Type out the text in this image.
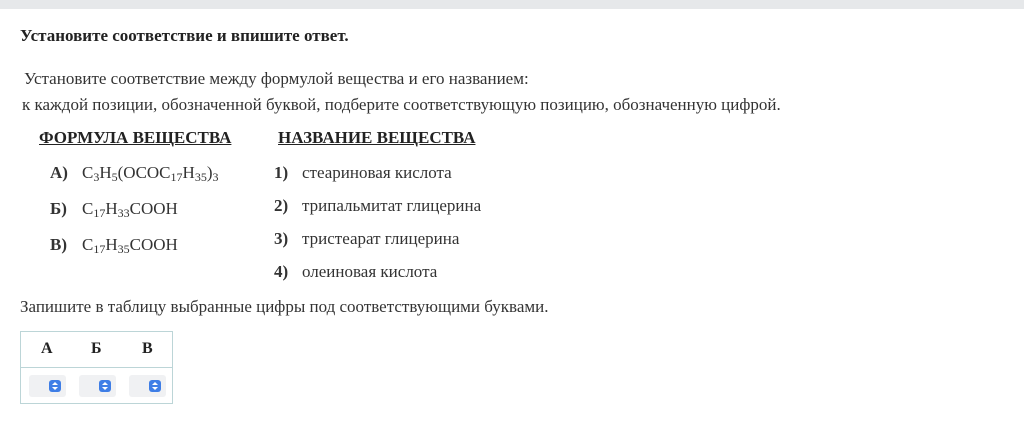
Установите соответствие и впишите ответ.
Установите соответствие между формулой вещества и его названием:
к каждой позиции, обозначенной буквой, подберите соответствующую позицию, обозначенную цифрой.
ФОРМУЛА ВЕЩЕСТВА	НАЗВАНИЕ ВЕЩЕСТВА
А) $C_3H_5(OCOC_{17}H_{35})_3$
Б) $C_{17}H_{33}COOH$
В) $C_{17}H_{35}COOH$
1) стеариновая кислота
2) трипальмитат глицерина
3) тристеарат глицерина
4) олеиновая кислота
Запишите в таблицу выбранные цифры под соответствующими буквами.
А Б	В
